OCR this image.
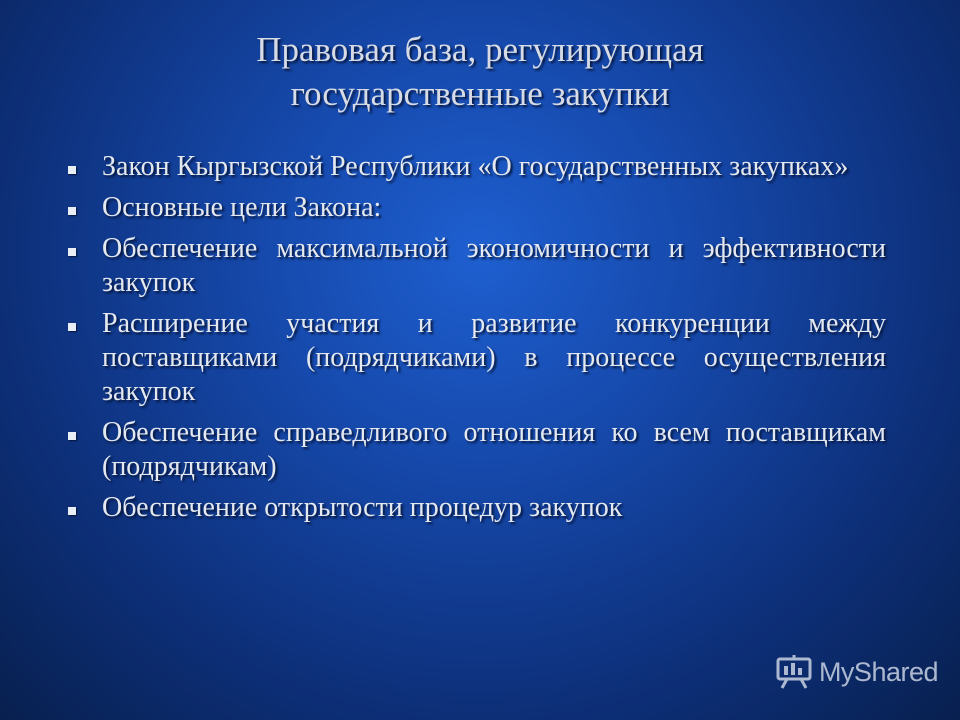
Правовая база, регулирующая
государственные закупки
Закон Кыргызской Республики «О государственных закупках»
Основные цели Закона:
Обеспечение максимальной экономичности и эффективности закупок
Расширение участия и развитие конкуренции между поставщиками (подрядчиками) в процессе осуществления закупок
Обеспечение справедливого отношения ко всем поставщикам (подрядчикам)
Обеспечение открытости процедур закупок
MyShared
